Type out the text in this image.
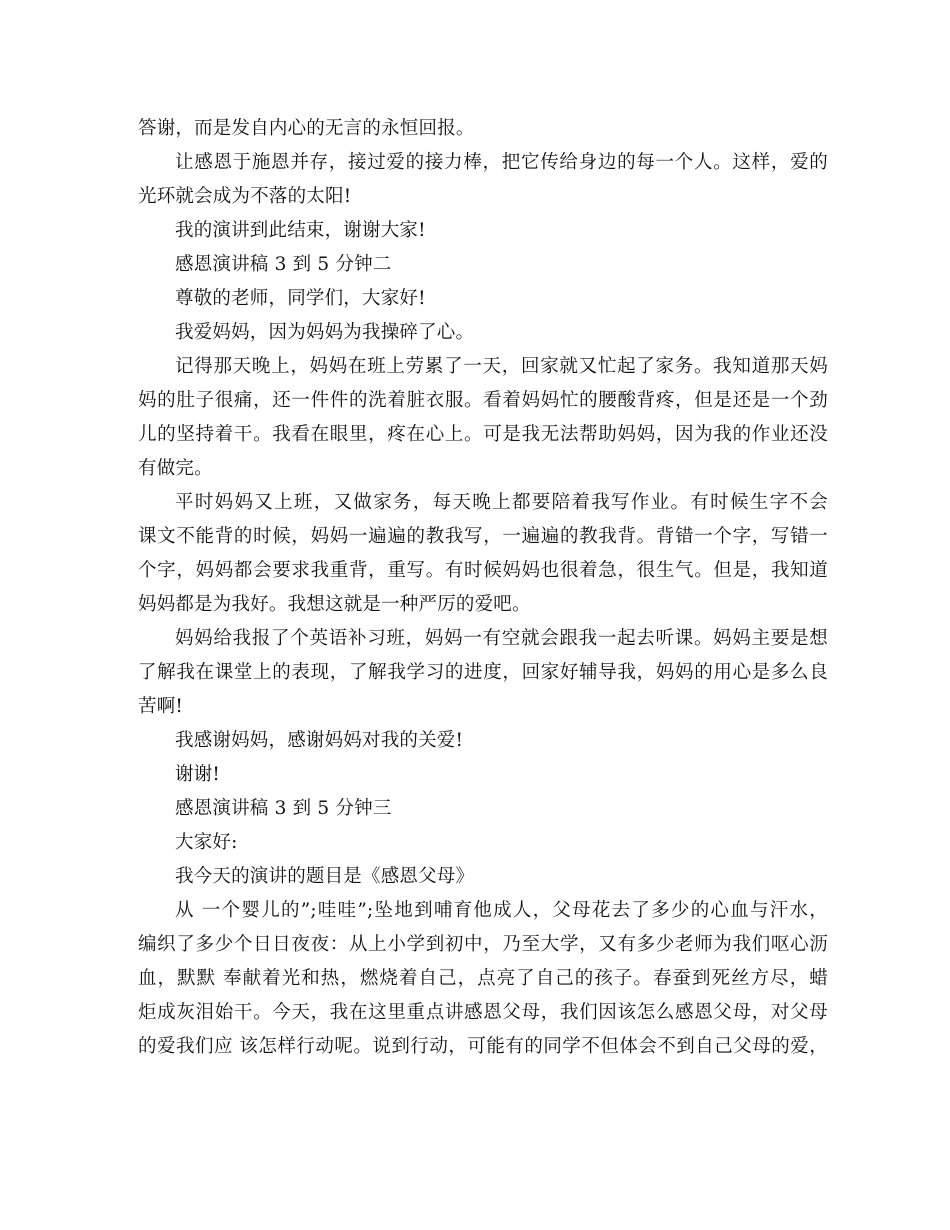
答谢，而是发自内心的无言的永恒回报。
让感恩于施恩并存，接过爱的接力棒，把它传给身边的每一个人。这样，爱的
光环就会成为不落的太阳!
我的演讲到此结束，谢谢大家!
感恩演讲稿 3 到 5 分钟二
尊敬的老师，同学们，大家好!
我爱妈妈，因为妈妈为我操碎了心。
记得那天晚上，妈妈在班上劳累了一天，回家就又忙起了家务。我知道那天妈
妈的肚子很痛，还一件件的洗着脏衣服。看着妈妈忙的腰酸背疼，但是还是一个劲
儿的坚持着干。我看在眼里，疼在心上。可是我无法帮助妈妈，因为我的作业还没
有做完。
平时妈妈又上班，又做家务，每天晚上都要陪着我写作业。有时候生字不会
课文不能背的时候，妈妈一遍遍的教我写，一遍遍的教我背。背错一个字，写错一
个字，妈妈都会要求我重背，重写。有时候妈妈也很着急，很生气。但是，我知道
妈妈都是为我好。我想这就是一种严厉的爱吧。
妈妈给我报了个英语补习班，妈妈一有空就会跟我一起去听课。妈妈主要是想
了解我在课堂上的表现，了解我学习的进度，回家好辅导我，妈妈的用心是多么良
苦啊!
我感谢妈妈，感谢妈妈对我的关爱!
谢谢!
感恩演讲稿 3 到 5 分钟三
大家好:
我今天的演讲的题目是《感恩父母》
从 一个婴儿的”;哇哇”;坠地到哺育他成人，父母花去了多少的心血与汗水，
编织了多少个日日夜夜：从上小学到初中，乃至大学，又有多少老师为我们呕心沥
血，默默 奉献着光和热，燃烧着自己，点亮了自己的孩子。春蚕到死丝方尽，蜡
炬成灰泪始干。今天，我在这里重点讲感恩父母，我们因该怎么感恩父母，对父母
的爱我们应 该怎样行动呢。说到行动，可能有的同学不但体会不到自己父母的爱，
